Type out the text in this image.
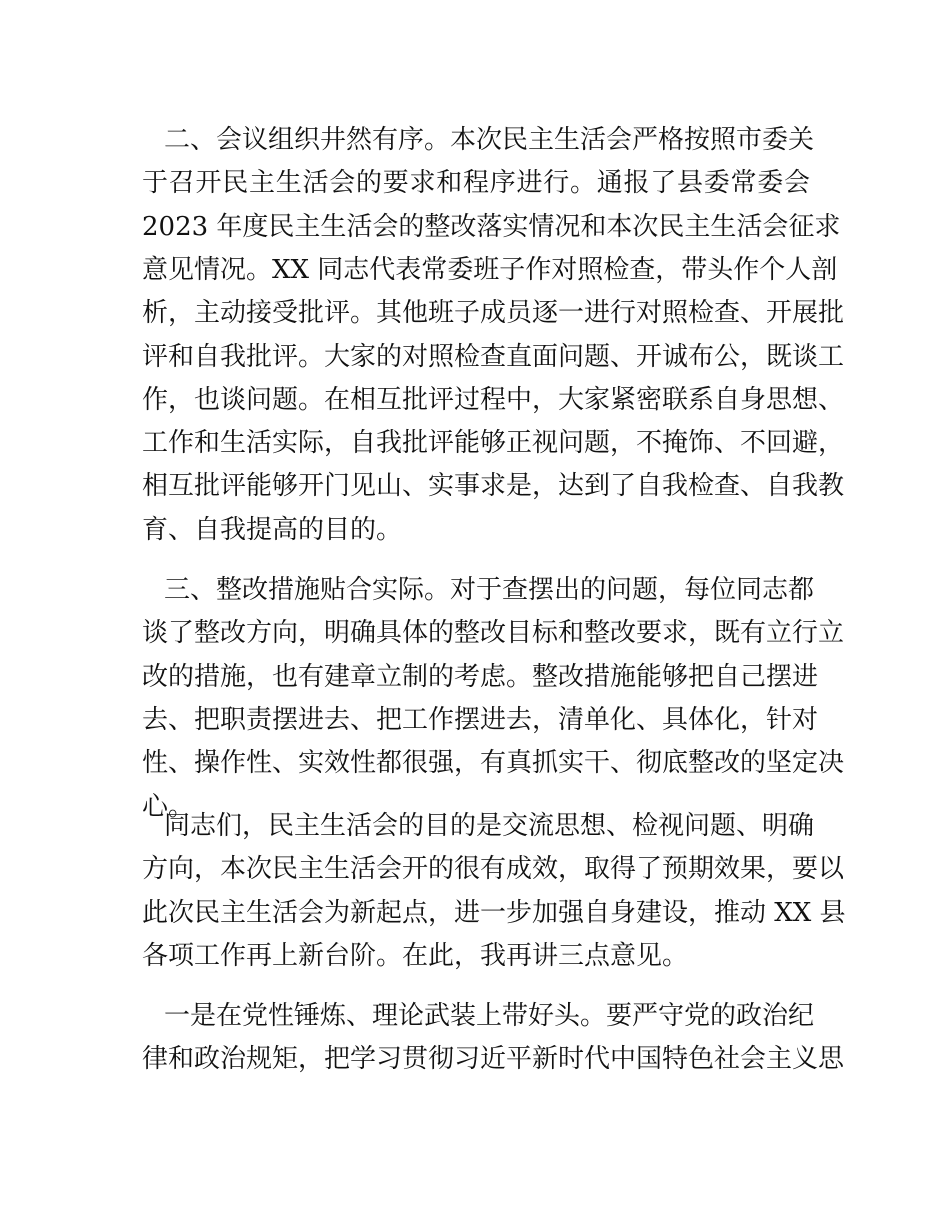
二、会议组织井然有序。本次民主生活会严格按照市委关
于召开民主生活会的要求和程序进行。通报了县委常委会
2023 年度民主生活会的整改落实情况和本次民主生活会征求
意见情况。XX 同志代表常委班子作对照检查，带头作个人剖
析，主动接受批评。其他班子成员逐一进行对照检查、开展批
评和自我批评。大家的对照检查直面问题、开诚布公，既谈工
作，也谈问题。在相互批评过程中，大家紧密联系自身思想、
工作和生活实际，自我批评能够正视问题，不掩饰、不回避，
相互批评能够开门见山、实事求是，达到了自我检查、自我教
育、自我提高的目的。
三、整改措施贴合实际。对于查摆出的问题，每位同志都
谈了整改方向，明确具体的整改目标和整改要求，既有立行立
改的措施，也有建章立制的考虑。整改措施能够把自己摆进
去、把职责摆进去、把工作摆进去，清单化、具体化，针对
性、操作性、实效性都很强，有真抓实干、彻底整改的坚定决
心。
同志们，民主生活会的目的是交流思想、检视问题、明确
方向，本次民主生活会开的很有成效，取得了预期效果，要以
此次民主生活会为新起点，进一步加强自身建设，推动 XX 县
各项工作再上新台阶。在此，我再讲三点意见。
一是在党性锤炼、理论武装上带好头。要严守党的政治纪
律和政治规矩，把学习贯彻习近平新时代中国特色社会主义思
